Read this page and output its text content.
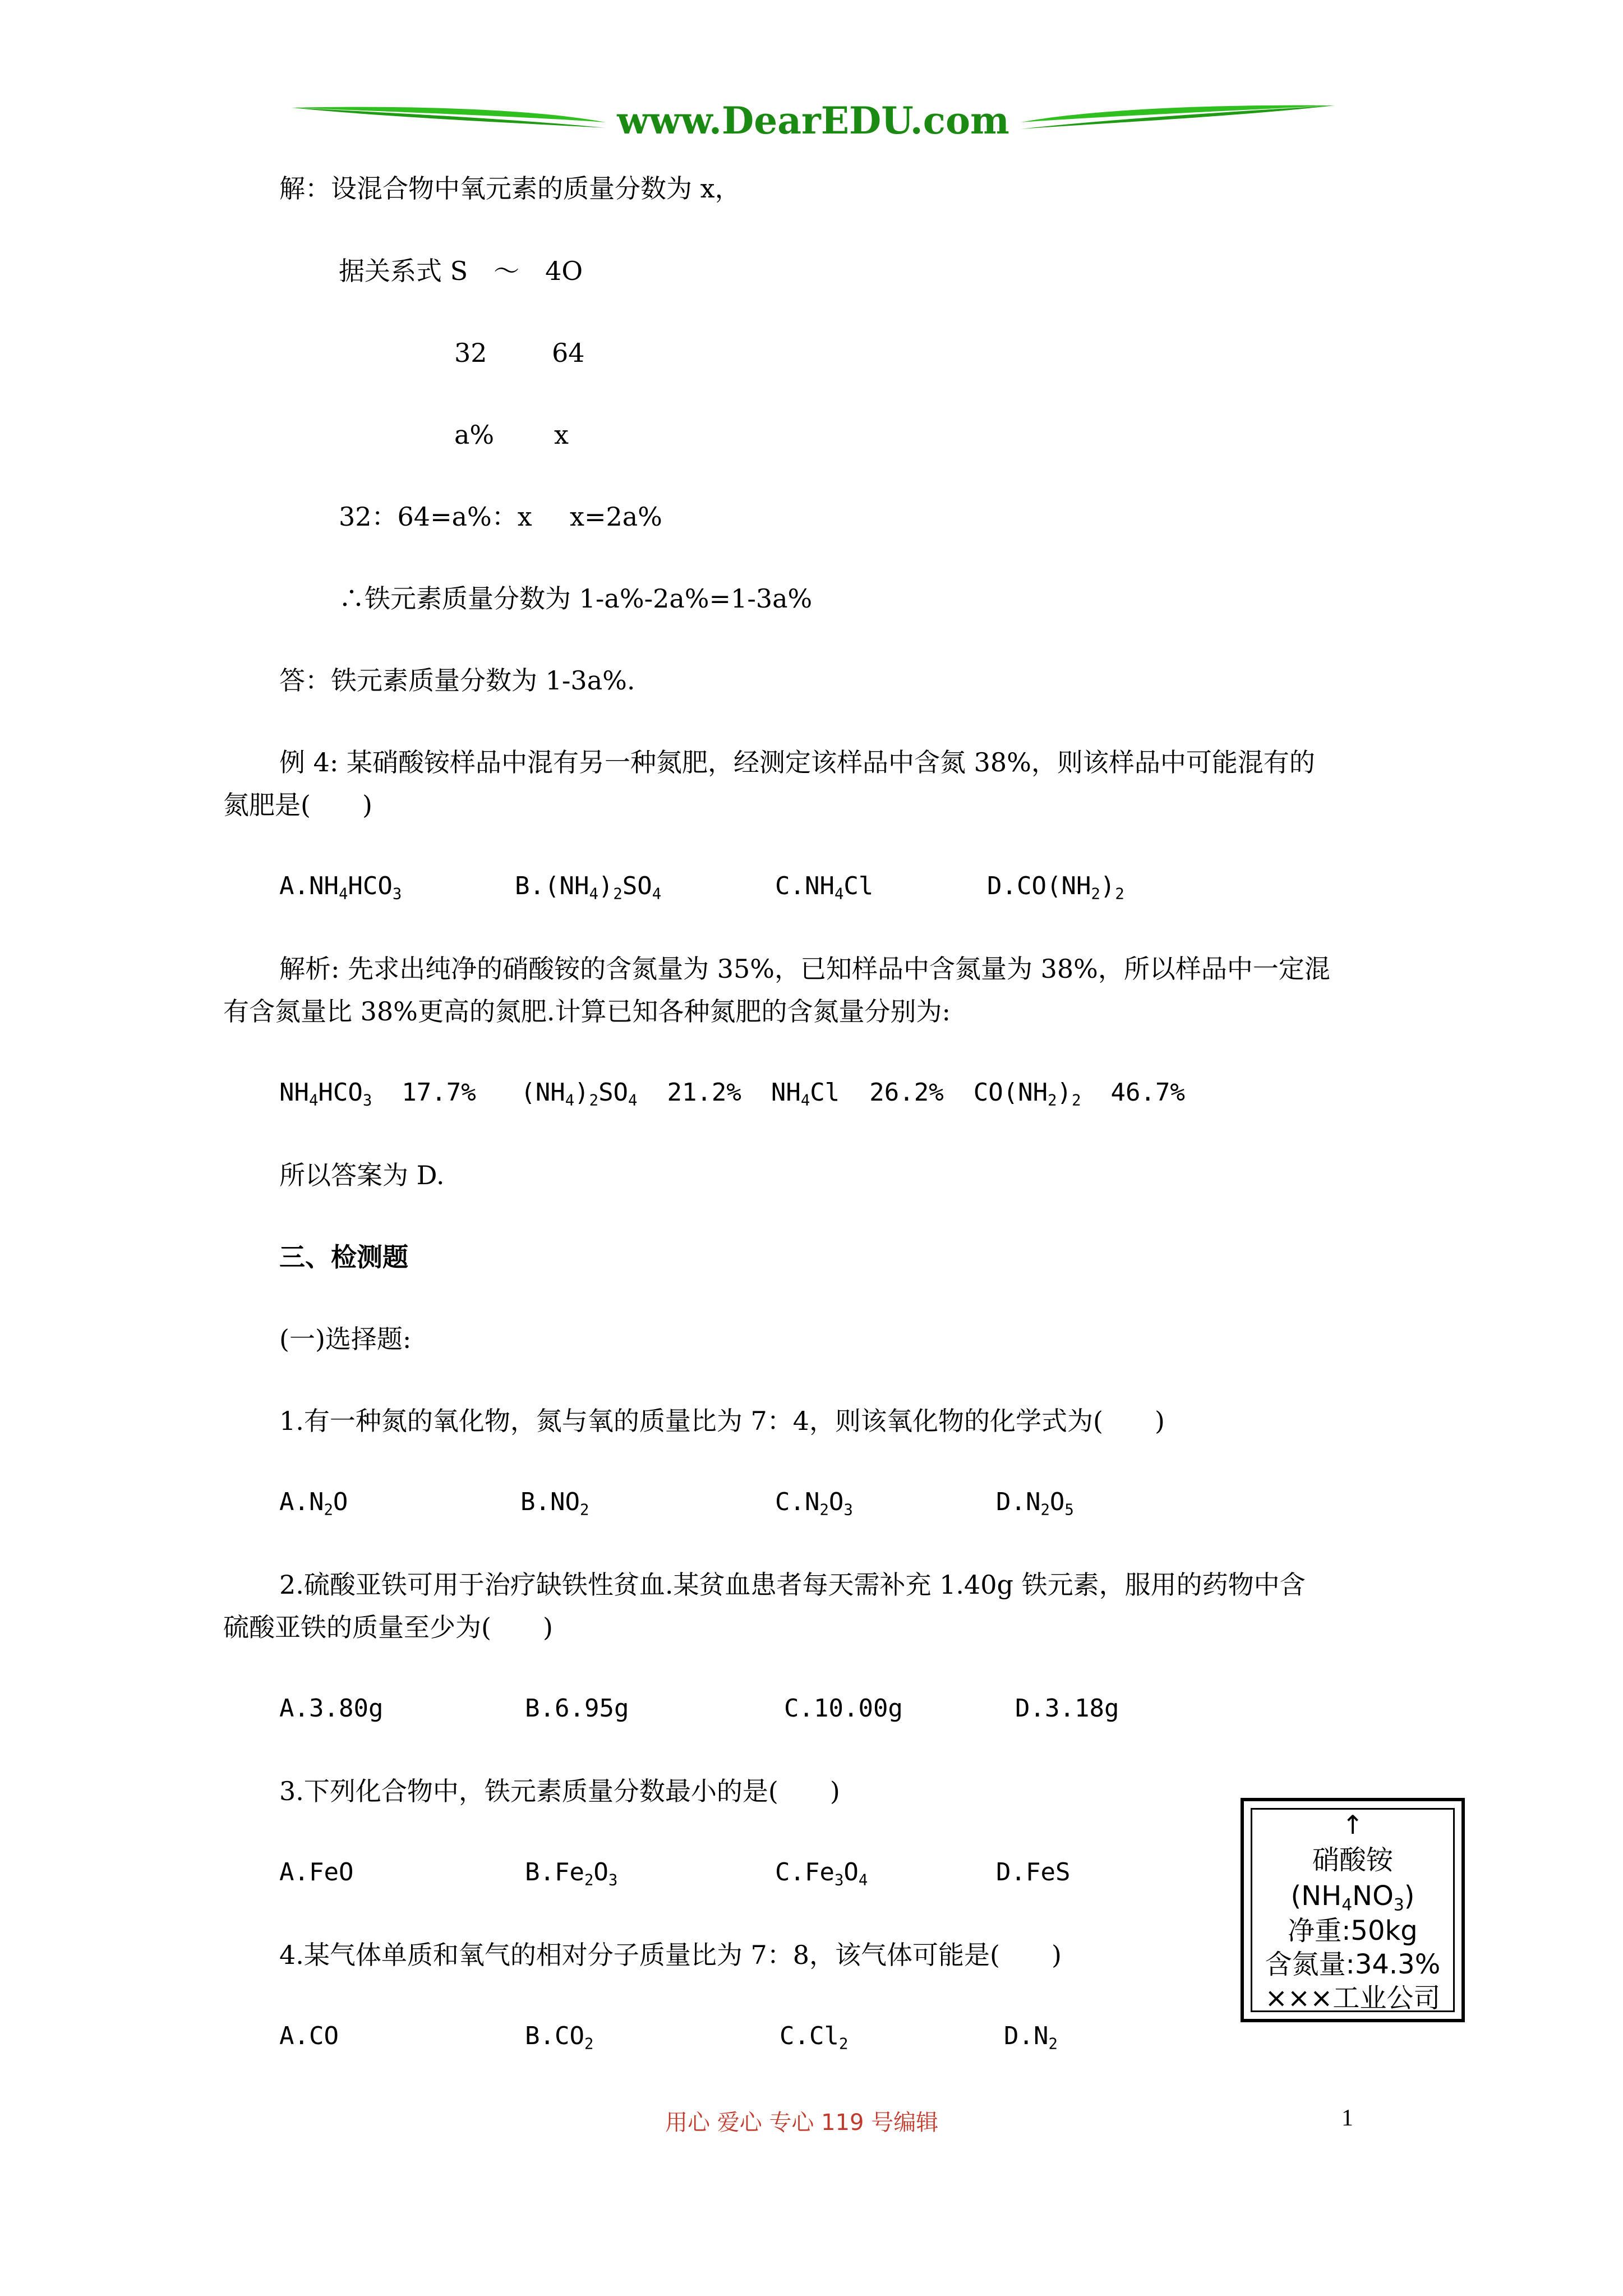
www.DearEDU.com
解：设混合物中氧元素的质量分数为 x，
据关系式 S　～　4O
32	64
a% x
32：64=a%：x x=2a%
∴铁元素质量分数为 1-a%-2a%=1-3a%
答：铁元素质量分数为 1-3a%.
例 4: 某硝酸铵样品中混有另一种氮肥，经测定该样品中含氮 38%，则该样品中可能混有的
氮肥是(　　)
$A.NH_4HCO_3$	$B.(NH_4)_2SO_4$	$C.NH_4Cl$	$D.CO(NH_2)_2$
解析: 先求出纯净的硝酸铵的含氮量为 35%，已知样品中含氮量为 38%，所以样品中一定混
有含氮量比 38%更高的氮肥.计算已知各种氮肥的含氮量分别为:
$NH_4HCO_3$ 17.7% $(NH_4)_2SO_4$ 21.2% $NH_4Cl$ 26.2% $CO(NH_2)_2$ 46.7%
所以答案为 D.
三、检测题
(一)选择题:
1.有一种氮的氧化物，氮与氧的质量比为 7：4，则该氧化物的化学式为(　　)
$A.N_2O$	$B.NO_2$	$C.N_2O_3$	$D.N_2O_5$
2.硫酸亚铁可用于治疗缺铁性贫血.某贫血患者每天需补充 1.40g 铁元素，服用的药物中含
硫酸亚铁的质量至少为(　　)
A.3.80g	B.6.95g	C.10.00g	D.3.18g
3.下列化合物中，铁元素质量分数最小的是(　　)
A.FeO	$B.Fe_2O_3$	$C.Fe_3O_4$	D.FeS
4.某气体单质和氧气的相对分子质量比为 7：8，该气体可能是(　　)
A.CO	$B.CO_2$	$C.Cl_2$	$D.N_2$
↑
硝酸铵
$(NH_4NO_3)$
净重:50kg
含氮量:34.3%
×××工业公司
用心 爱心 专心 119 号编辑	1
